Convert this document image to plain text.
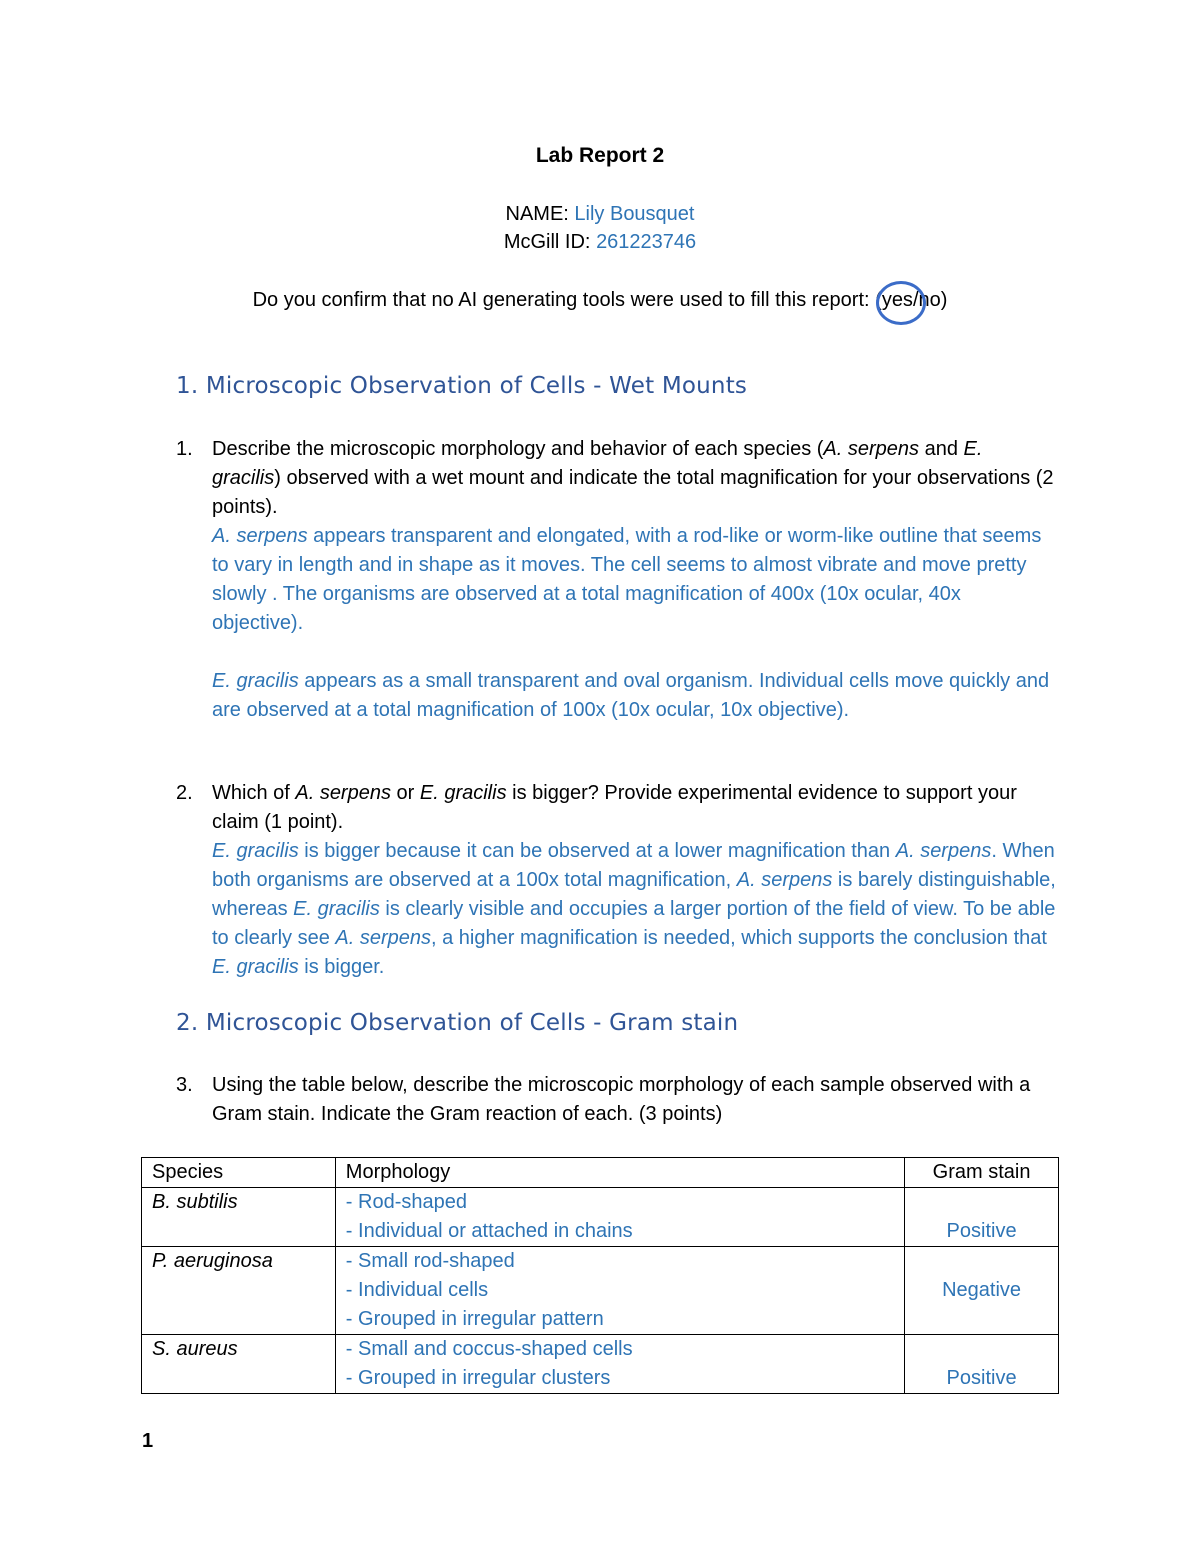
Lab Report 2
NAME: Lily Bousquet
McGill ID: 261223746
Do you confirm that no AI generating tools were used to fill this report: (yes/no)
1. Microscopic Observation of Cells - Wet Mounts
1. Describe the microscopic morphology and behavior of each species (A. serpens and E. gracilis) observed with a wet mount and indicate the total magnification for your observations (2 points).

A. serpens appears transparent and elongated, with a rod-like or worm-like outline that seems to vary in length and in shape as it moves. The cell seems to almost vibrate and move pretty slowly . The organisms are observed at a total magnification of 400x (10x ocular, 40x objective).

E. gracilis appears as a small transparent and oval organism. Individual cells move quickly and are observed at a total magnification of 100x (10x ocular, 10x objective).

2. Which of A. serpens or E. gracilis is bigger? Provide experimental evidence to support your claim (1 point).

E. gracilis is bigger because it can be observed at a lower magnification than A. serpens. When both organisms are observed at a 100x total magnification, A. serpens is barely distinguishable, whereas E. gracilis is clearly visible and occupies a larger portion of the field of view. To be able to clearly see A. serpens, a higher magnification is needed, which supports the conclusion that E. gracilis is bigger.

2. Microscopic Observation of Cells - Gram stain
3. Using the table below, describe the microscopic morphology of each sample observed with a Gram stain. Indicate the Gram reaction of each. (3 points)

Species	Morphology	Gram stain
B. subtilis	- Rod-shaped
- Individual or attached in chains	Positive
P. aeruginosa	- Small rod-shaped
- Individual cells
- Grouped in irregular pattern	Negative
S. aureus	- Small and coccus-shaped cells
- Grouped in irregular clusters	Positive
1
